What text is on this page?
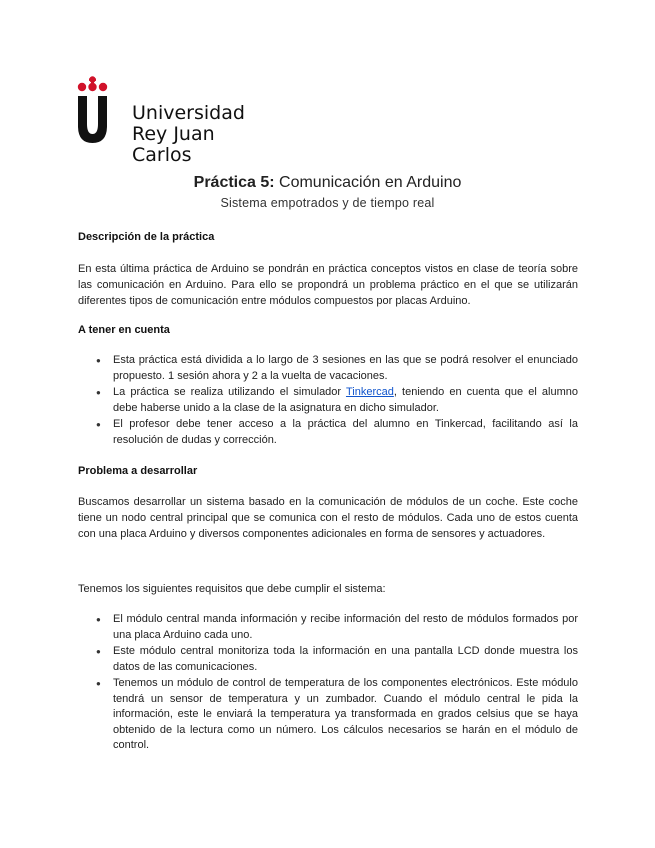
Universidad
Rey Juan Carlos
Práctica 5: Comunicación en Arduino
Sistema empotrados y de tiempo real
Descripción de la práctica
En esta última práctica de Arduino se pondrán en práctica conceptos vistos en clase de teoría sobre las comunicación en Arduino. Para ello se propondrá un problema práctico en el que se utilizarán diferentes tipos de comunicación entre módulos compuestos por placas Arduino.
A tener en cuenta
● Esta práctica está dividida a lo largo de 3 sesiones en las que se podrá resolver el enunciado propuesto. 1 sesión ahora y 2 a la vuelta de vacaciones.
● La práctica se realiza utilizando el simulador Tinkercad, teniendo en cuenta que el alumno debe haberse unido a la clase de la asignatura en dicho simulador.
● El profesor debe tener acceso a la práctica del alumno en Tinkercad, facilitando así la resolución de dudas y corrección.
Problema a desarrollar
Buscamos desarrollar un sistema basado en la comunicación de módulos de un coche. Este coche tiene un nodo central principal que se comunica con el resto de módulos. Cada uno de estos cuenta con una placa Arduino y diversos componentes adicionales en forma de sensores y actuadores.
Tenemos los siguientes requisitos que debe cumplir el sistema:
● El módulo central manda información y recibe información del resto de módulos formados por una placa Arduino cada uno.
● Este módulo central monitoriza toda la información en una pantalla LCD donde muestra los datos de las comunicaciones.
● Tenemos un módulo de control de temperatura de los componentes electrónicos. Este módulo tendrá un sensor de temperatura y un zumbador. Cuando el módulo central le pida la información, este le enviará la temperatura ya transformada en grados celsius que se haya obtenido de la lectura como un número. Los cálculos necesarios se harán en el módulo de control.
